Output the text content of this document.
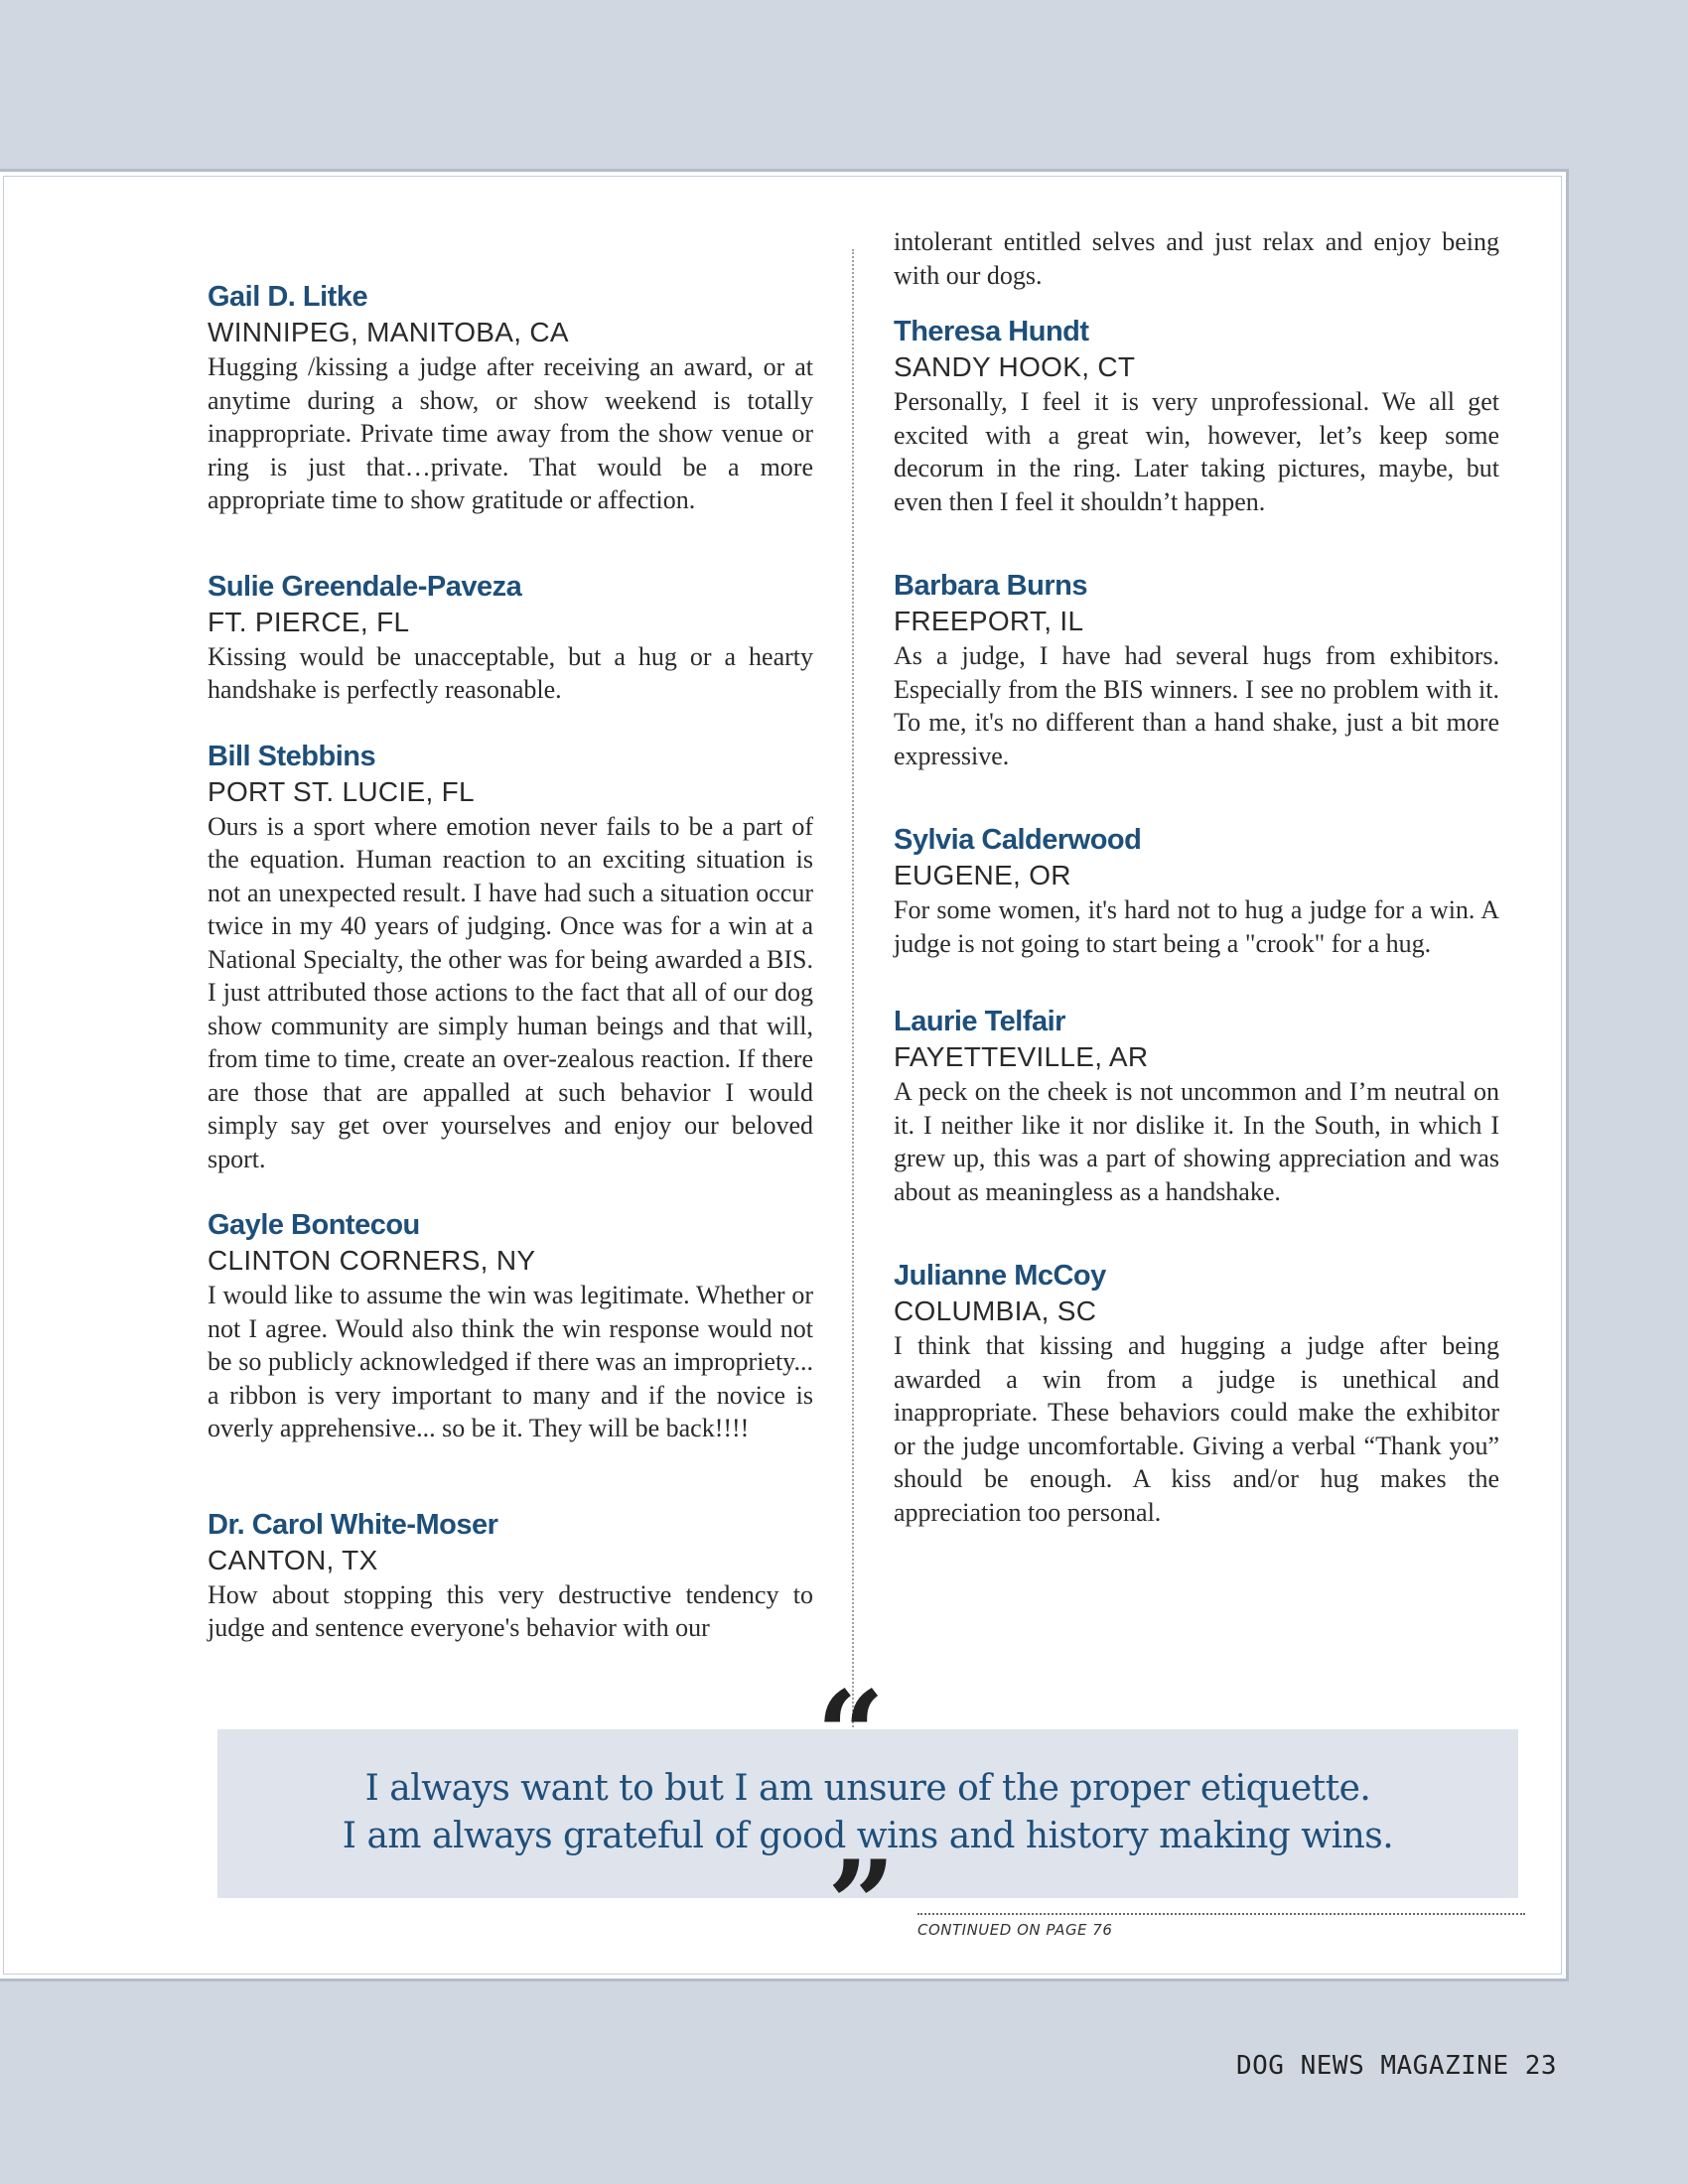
Gail D. Litke
WINNIPEG, MANITOBA, CA

Hugging /kissing a judge after receiving an award, or at anytime during a show, or show weekend is totally inappropriate. Private time away from the show venue or ring is just that…private. That would be a more appropriate time to show gratitude or affection.

Sulie Greendale-Paveza
FT. PIERCE, FL

Kissing would be unacceptable, but a hug or a hearty handshake is perfectly reasonable.

Bill Stebbins
PORT ST. LUCIE, FL

Ours is a sport where emotion never fails to be a part of the equation. Human reaction to an exciting situation is not an unexpected result. I have had such a situation occur twice in my 40 years of judging. Once was for a win at a National Specialty, the other was for being awarded a BIS. I just attributed those actions to the fact that all of our dog show community are simply human beings and that will, from time to time, create an over-zealous reaction. If there are those that are appalled at such behavior I would simply say get over yourselves and enjoy our beloved sport.

Gayle Bontecou
CLINTON CORNERS, NY

I would like to assume the win was legitimate. Whether or not I agree. Would also think the win response would not be so publicly acknowledged if there was an impropriety... a ribbon is very important to many and if the novice is overly apprehensive... so be it. They will be back!!!!

Dr. Carol White-Moser
CANTON, TX

How about stopping this very destructive tendency to judge and sentence everyone's behavior with our

intolerant entitled selves and just relax and enjoy being with our dogs.

Theresa Hundt
SANDY HOOK, CT

Personally, I feel it is very unprofessional. We all get excited with a great win, however, let’s keep some decorum in the ring. Later taking pictures, maybe, but even then I feel it shouldn’t happen.

Barbara Burns
FREEPORT, IL

As a judge, I have had several hugs from exhibitors. Especially from the BIS winners. I see no problem with it. To me, it's no different than a hand shake, just a bit more expressive.

Sylvia Calderwood
EUGENE, OR

For some women, it's hard not to hug a judge for a win. A judge is not going to start being a "crook" for a hug.

Laurie Telfair
FAYETTEVILLE, AR

A peck on the cheek is not uncommon and I’m neutral on it. I neither like it nor dislike it. In the South, in which I grew up, this was a part of showing appreciation and was about as meaningless as a handshake.

Julianne McCoy
COLUMBIA, SC

I think that kissing and hugging a judge after being awarded a win from a judge is unethical and inappropriate. These behaviors could make the exhibitor or the judge uncomfortable. Giving a verbal “Thank you” should be enough. A kiss and/or hug makes the appreciation too personal.

I always want to but I am unsure of the proper etiquette.
I am always grateful of good wins and history making wins.
“
” CONTINUED ON PAGE 76
DOG NEWS MAGAZINE 23
